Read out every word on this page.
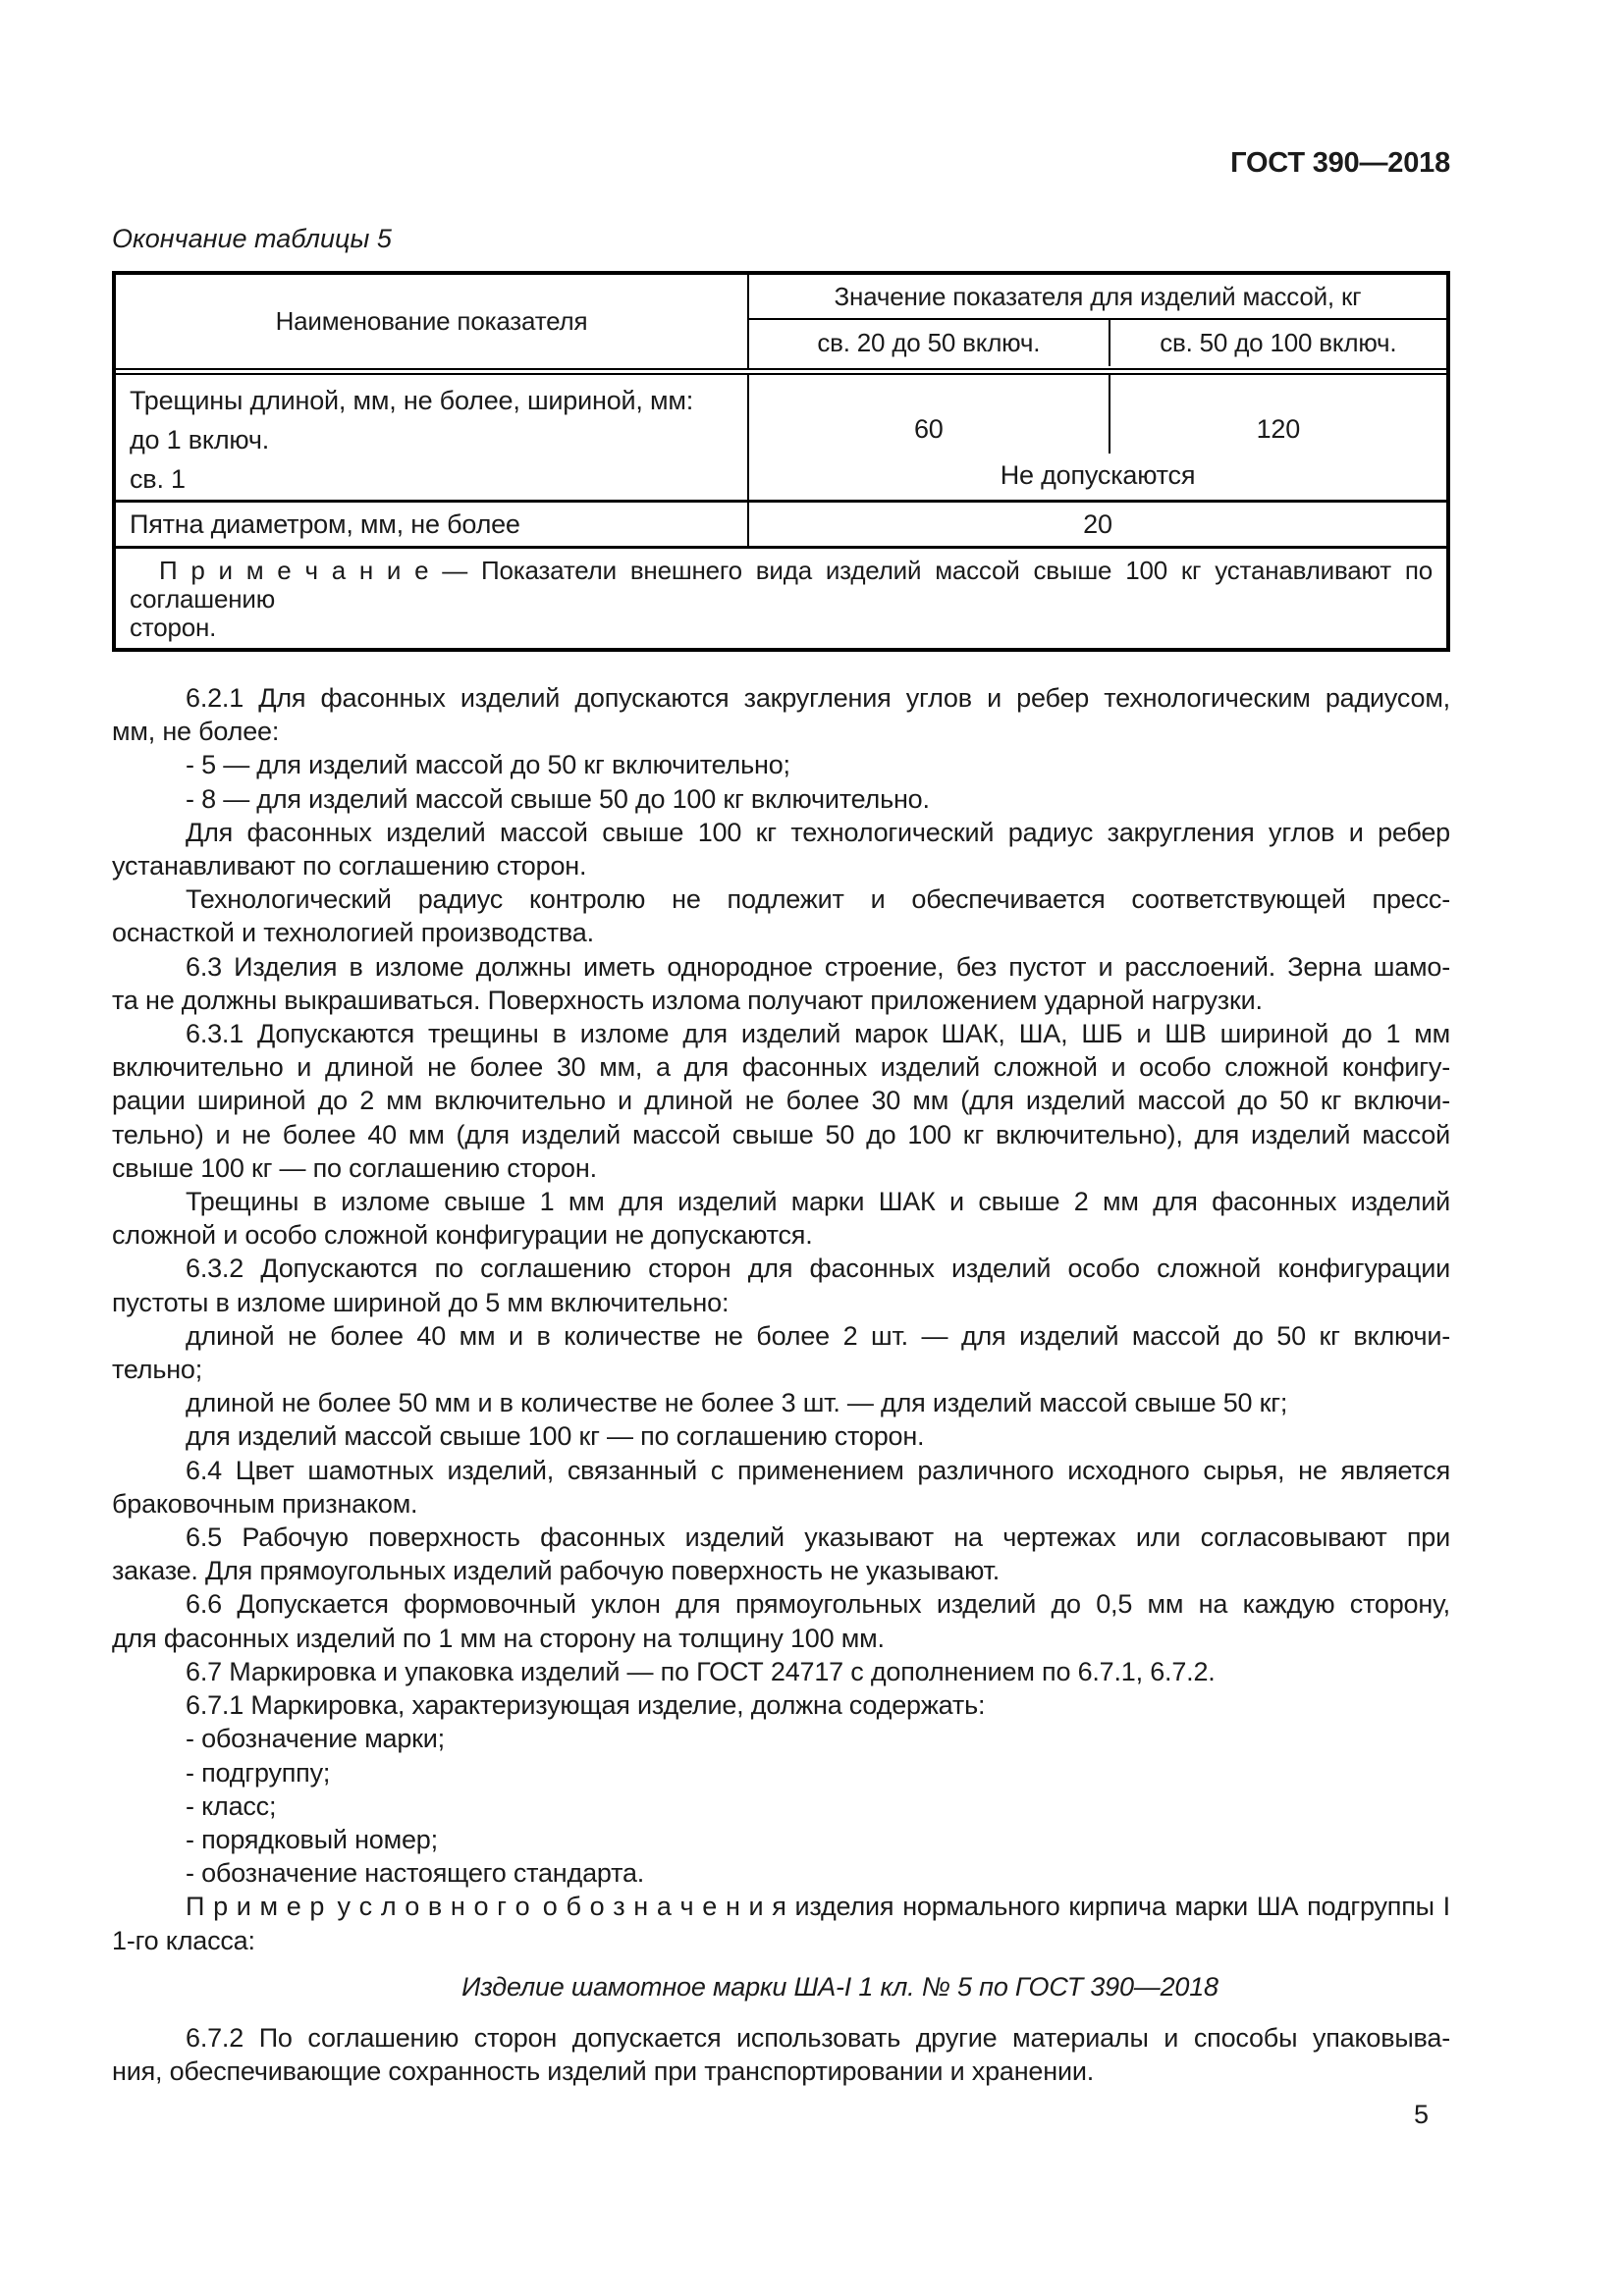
ГОСТ 390—2018
Окончание таблицы 5
Наименование показателя
Значение показателя для изделий массой, кг
св. 20 до 50 включ.	св. 50 до 100 включ.
Трещины длиной, мм, не более, шириной, мм:
до 1 включ.
св. 1
60	120
Не допускаются
Пятна диаметром, мм, не более	20
П р и м е ч а н и е — Показатели внешнего вида изделий массой свыше 100 кг устанавливают по соглашению
сторон.
6.2.1 Для фасонных изделий допускаются закругления углов и ребер технологическим радиусом,
мм, не более:
- 5 — для изделий массой до 50 кг включительно;
- 8 — для изделий массой свыше 50 до 100 кг включительно.
Для фасонных изделий массой свыше 100 кг технологический радиус закругления углов и ребер
устанавливают по соглашению сторон.
Технологический радиус контролю не подлежит и обеспечивается соответствующей пресс-
оснасткой и технологией производства.
6.3 Изделия в изломе должны иметь однородное строение, без пустот и расслоений. Зерна шамо-
та не должны выкрашиваться. Поверхность излома получают приложением ударной нагрузки.
6.3.1 Допускаются трещины в изломе для изделий марок ШАК, ША, ШБ и ШВ шириной до 1 мм
включительно и длиной не более 30 мм, а для фасонных изделий сложной и особо сложной конфигу-
рации шириной до 2 мм включительно и длиной не более 30 мм (для изделий массой до 50 кг включи-
тельно) и не более 40 мм (для изделий массой свыше 50 до 100 кг включительно), для изделий массой
свыше 100 кг — по соглашению сторон.
Трещины в изломе свыше 1 мм для изделий марки ШАК и свыше 2 мм для фасонных изделий
сложной и особо сложной конфигурации не допускаются.
6.3.2 Допускаются по соглашению сторон для фасонных изделий особо сложной конфигурации
пустоты в изломе шириной до 5 мм включительно:
длиной не более 40 мм и в количестве не более 2 шт. — для изделий массой до 50 кг включи-
тельно;
длиной не более 50 мм и в количестве не более 3 шт. — для изделий массой свыше 50 кг;
для изделий массой свыше 100 кг — по соглашению сторон.
6.4 Цвет шамотных изделий, связанный с применением различного исходного сырья, не является
браковочным признаком.
6.5 Рабочую поверхность фасонных изделий указывают на чертежах или согласовывают при
заказе. Для прямоугольных изделий рабочую поверхность не указывают.
6.6 Допускается формовочный уклон для прямоугольных изделий до 0,5 мм на каждую сторону,
для фасонных изделий по 1 мм на сторону на толщину 100 мм.
6.7 Маркировка и упаковка изделий — по ГОСТ 24717 с дополнением по 6.7.1, 6.7.2.
6.7.1 Маркировка, характеризующая изделие, должна содержать:
- обозначение марки;
- подгруппу;
- класс;
- порядковый номер;
- обозначение настоящего стандарта.
П р и м е р у с л о в н о г о о б о з н а ч е н и я изделия нормального кирпича марки ША подгруппы I
1-го класса:
Изделие шамотное марки ША-I 1 кл. № 5 по ГОСТ 390—2018
6.7.2 По соглашению сторон допускается использовать другие материалы и способы упаковыва-
ния, обеспечивающие сохранность изделий при транспортировании и хранении.
5
